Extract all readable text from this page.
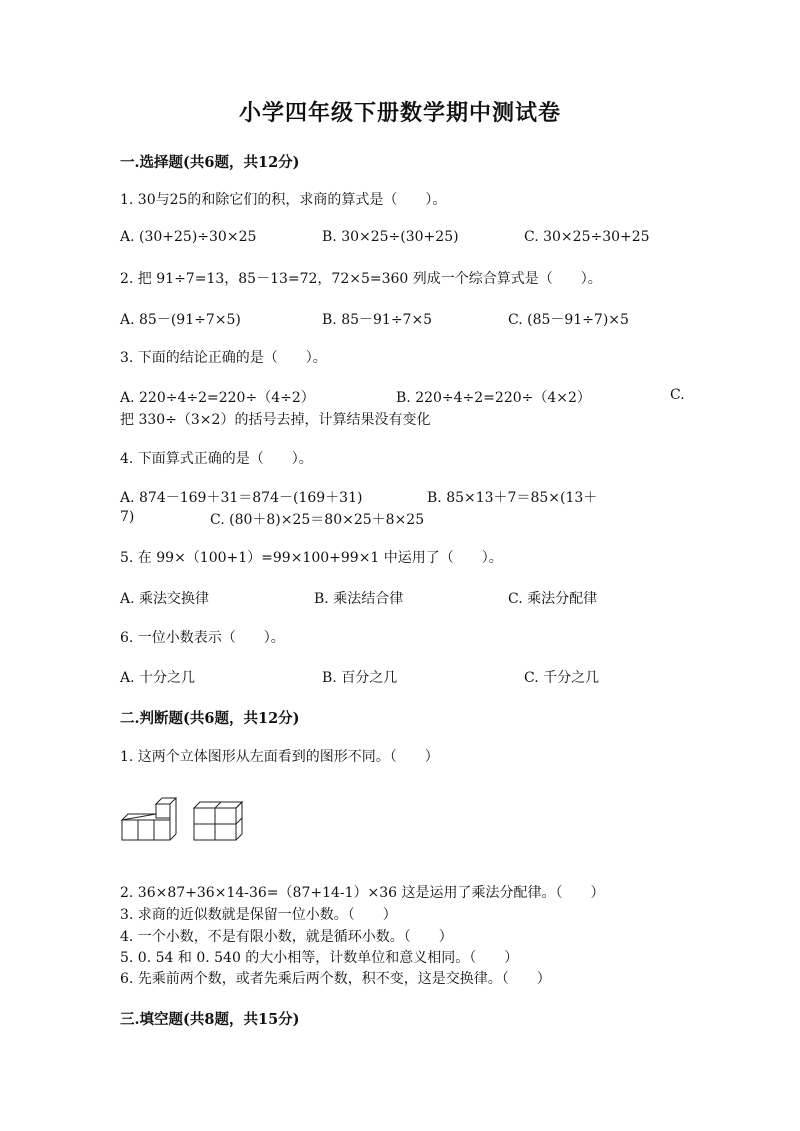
小学四年级下册数学期中测试卷
一.选择题(共6题，共12分)
1. 30与25的和除它们的积，求商的算式是（　　）。
A. (30+25)÷30×25	B. 30×25÷(30+25)	C. 30×25÷30+25
2. 把 91÷7=13，85－13=72，72×5=360 列成一个综合算式是（　　）。
A. 85－(91÷7×5)	B. 85－91÷7×5	C. (85－91÷7)×5
3. 下面的结论正确的是（　　）。
A. 220÷4÷2=220÷（4÷2）	B. 220÷4÷2=220÷（4×2）	C.
把 330÷（3×2）的括号去掉，计算结果没有变化
4. 下面算式正确的是（　　）。
A. 874－169＋31＝874－(169＋31)	B. 85×13＋7＝85×(13＋
7)	C. (80＋8)×25＝80×25＋8×25
5. 在 99×（100+1）=99×100+99×1 中运用了（　　）。
A. 乘法交换律	B. 乘法结合律	C. 乘法分配律
6. 一位小数表示（　　）。
A. 十分之几	B. 百分之几	C. 千分之几
二.判断题(共6题，共12分)
1. 这两个立体图形从左面看到的图形不同。（　　）
2. 36×87+36×14-36=（87+14-1）×36 这是运用了乘法分配律。（　　）
3. 求商的近似数就是保留一位小数。（　　）
4. 一个小数，不是有限小数，就是循环小数。（　　）
5. 0. 54 和 0. 540 的大小相等，计数单位和意义相同。（　　）
6. 先乘前两个数，或者先乘后两个数，积不变，这是交换律。（　　）
三.填空题(共8题，共15分)
